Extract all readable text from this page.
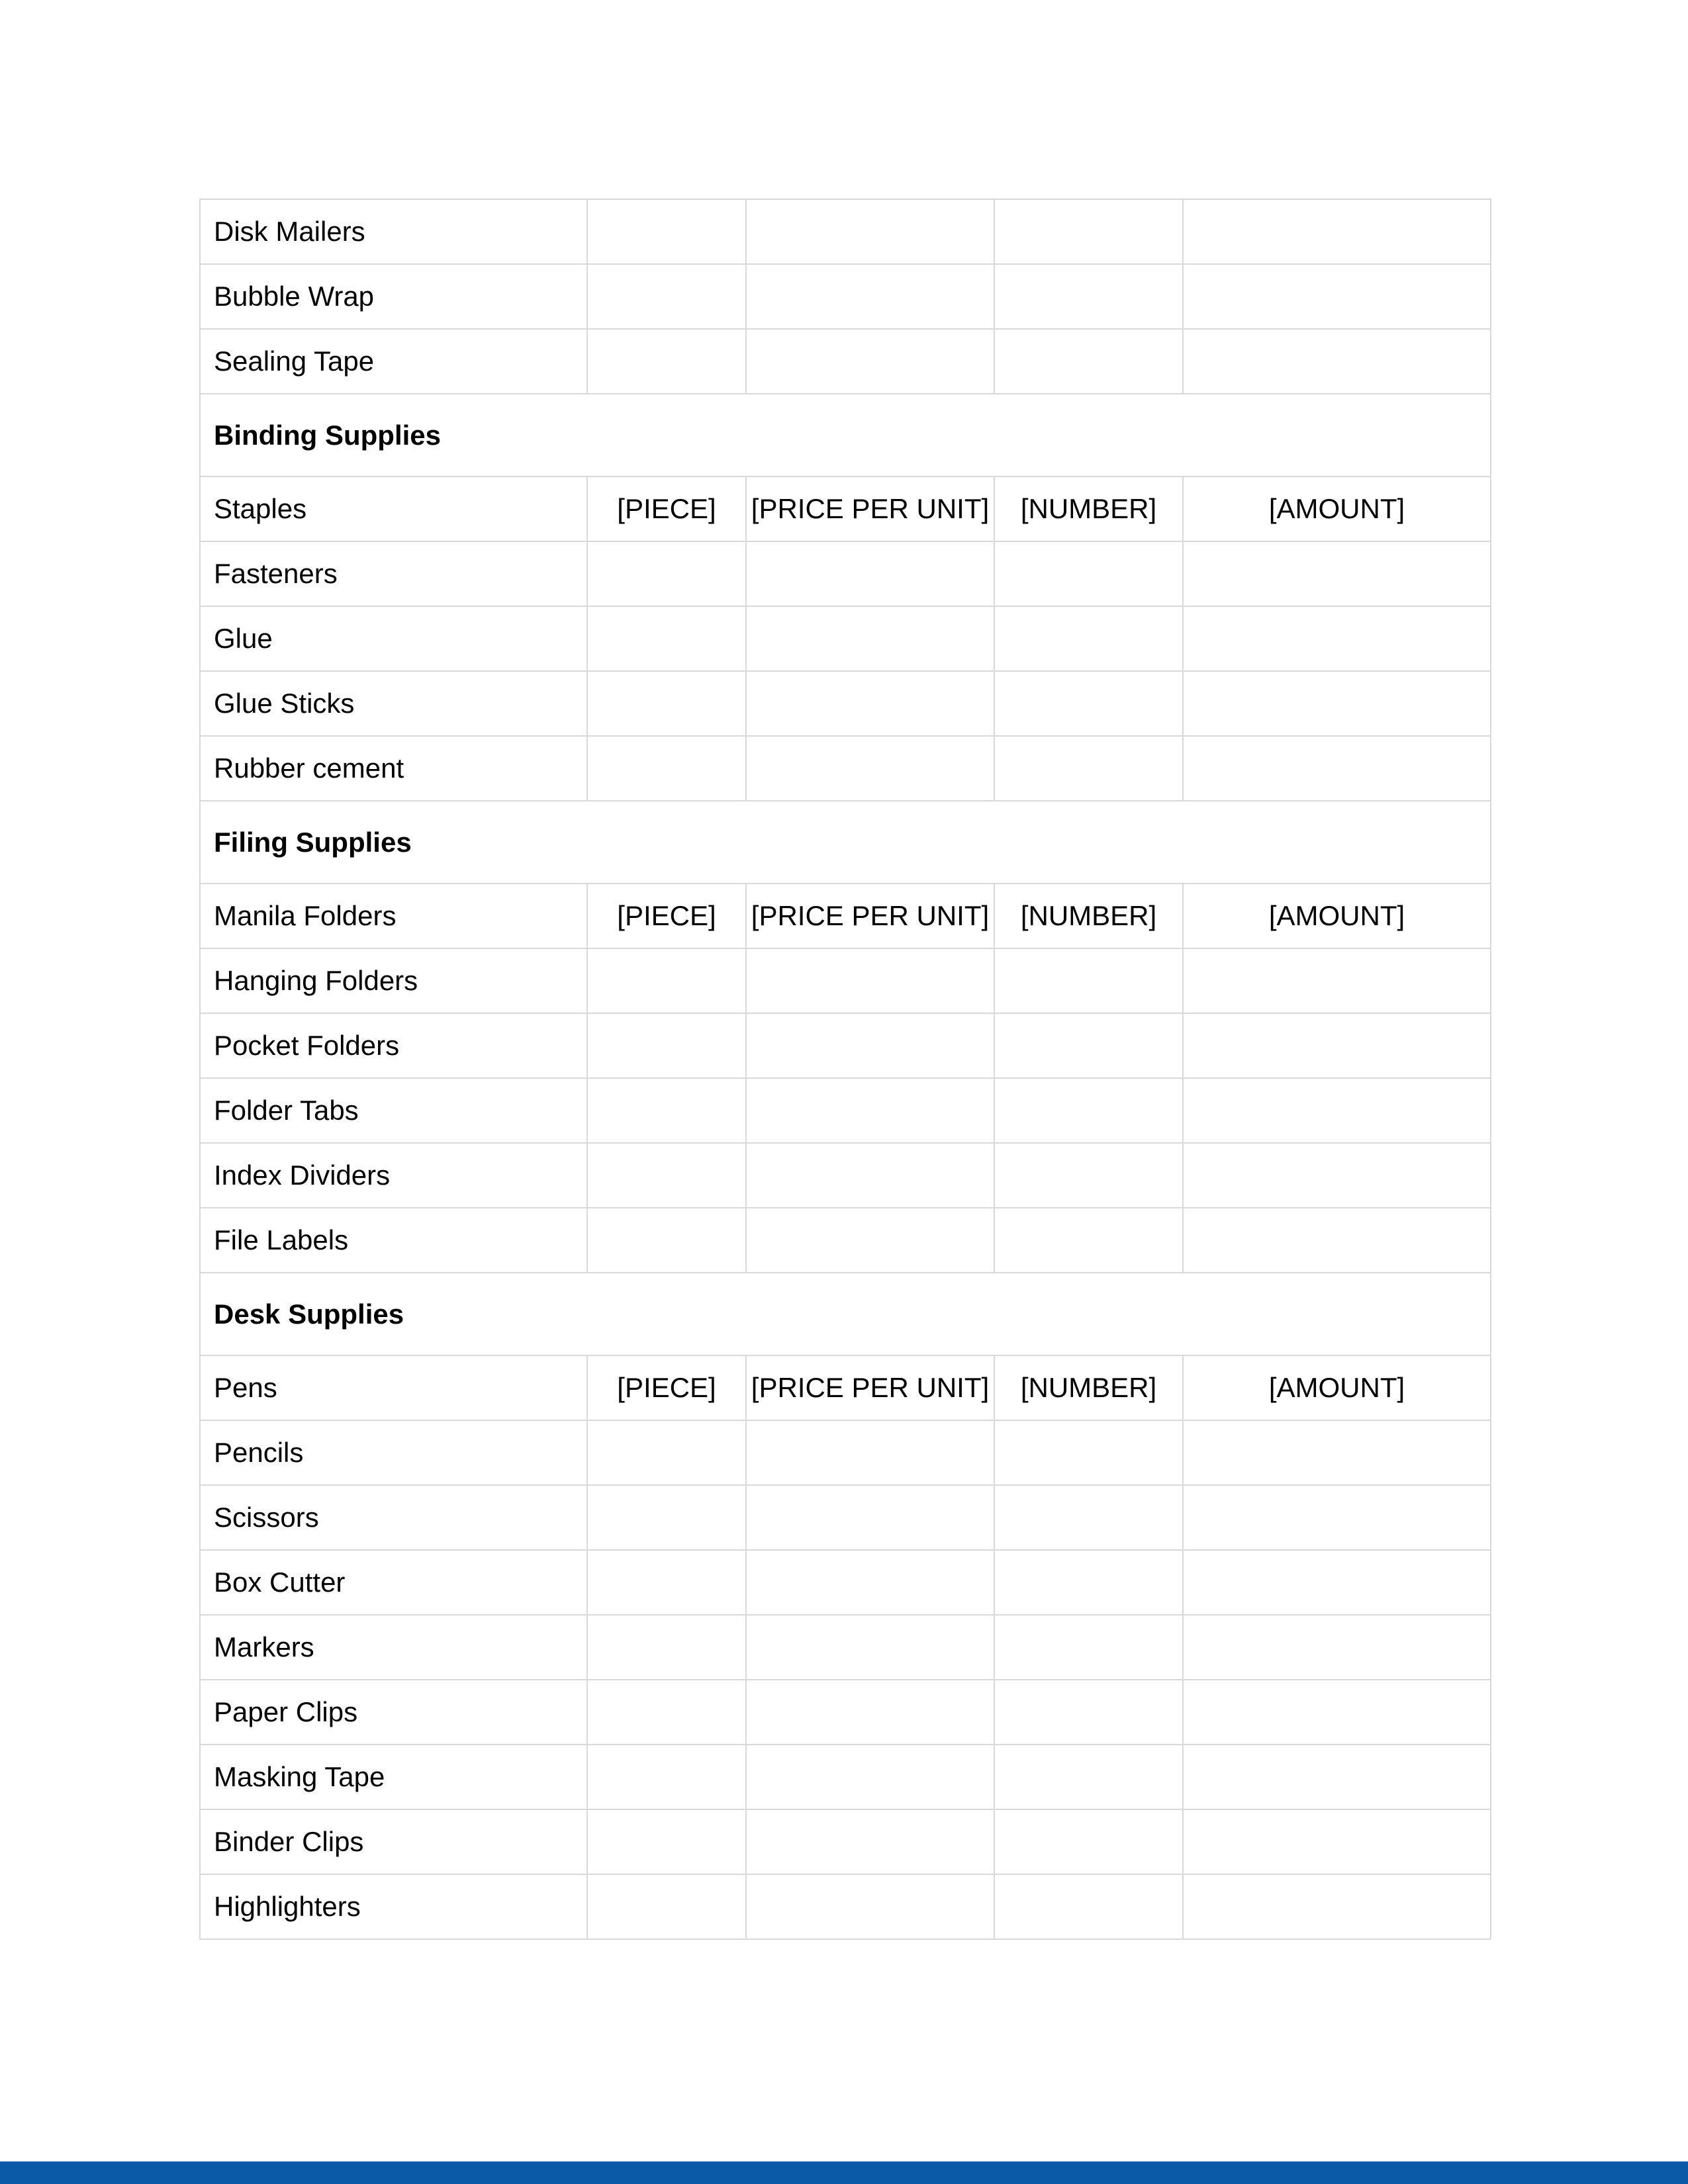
Disk Mailers				
Bubble Wrap				
Sealing Tape				
Binding Supplies				
Staples	[PIECE]	[PRICE PER UNIT]	[NUMBER]	[AMOUNT]
Fasteners				
Glue				
Glue Sticks				
Rubber cement				
Filing Supplies				
Manila Folders	[PIECE]	[PRICE PER UNIT]	[NUMBER]	[AMOUNT]
Hanging Folders				
Pocket Folders				
Folder Tabs				
Index Dividers				
File Labels				
Desk Supplies				
Pens	[PIECE]	[PRICE PER UNIT]	[NUMBER]	[AMOUNT]
Pencils				
Scissors				
Box Cutter				
Markers				
Paper Clips				
Masking Tape				
Binder Clips				
Highlighters				
